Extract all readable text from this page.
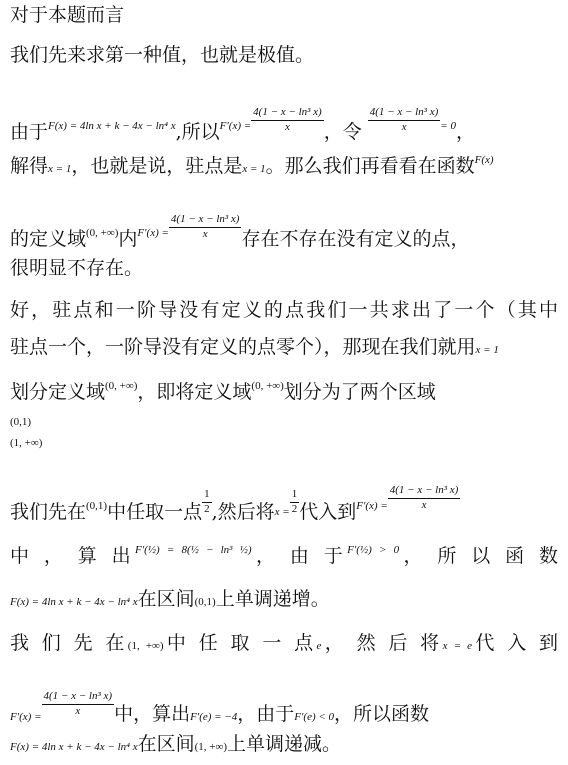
对于本题而言
我们先来求第一种值，也就是极值。
由于$^{F(x) = 4ln x + k - 4x - ln^4 x}$,所以$^{F'(x) =} \frac{\text{4(1 − x − ln³ x)}}{x}$ ，令 $\frac{\text{4(1 − x − ln³ x)}}{x} ^{= 0}$，
解得x = 1，也就是说，驻点是x = 1。那么我们再看看在函数$^{F(x)}$
的定义域$^{(0, +\infty)}$内$^{F'(x) =} \frac{\text{4(1 − x − ln³ x)}}{x}$ 存在不存在没有定义的点，
很明显不存在。
好，驻点和一阶导没有定义的点我们一共求出了一个（其中
驻点一个，一阶导没有定义的点零个），那现在我们就用x = 1
划分定义域$^{(0, +\infty)}$，即将定义域$^{(0, +\infty)}$划分为了两个区域
(0,1)
(1, +∞)
我们先在$^{(0,1)}$中任取一点 $\frac{1}{2}$ ,然后将$x = \frac{1}{2}$ 代入到$^{F'(x) =} \frac{\text{4(1 − x − ln³ x)}}{x}$
中 ， 算 出$^{F'(\frac{1}{2}) = 8(\frac{1}{2} - ln^3 \frac{1}{2})}$， 由 于$^{F'(\frac{1}{2}) > 0}$， 所 以 函 数
F(x) = 4ln x + k − 4x − ln⁴ x在区间(0,1)上单调递增。
我 们 先 在(1, +∞)中 任 取 一 点e， 然 后 将x = e代 入 到
$F'(x) = \frac{\text{4(1 − x − ln³ x)}}{x}$ 中，算出F′(e) = −4，由于F′(e) < 0，所以函数
F(x) = 4ln x + k − 4x − ln⁴ x在区间(1, +∞)上单调递减。
